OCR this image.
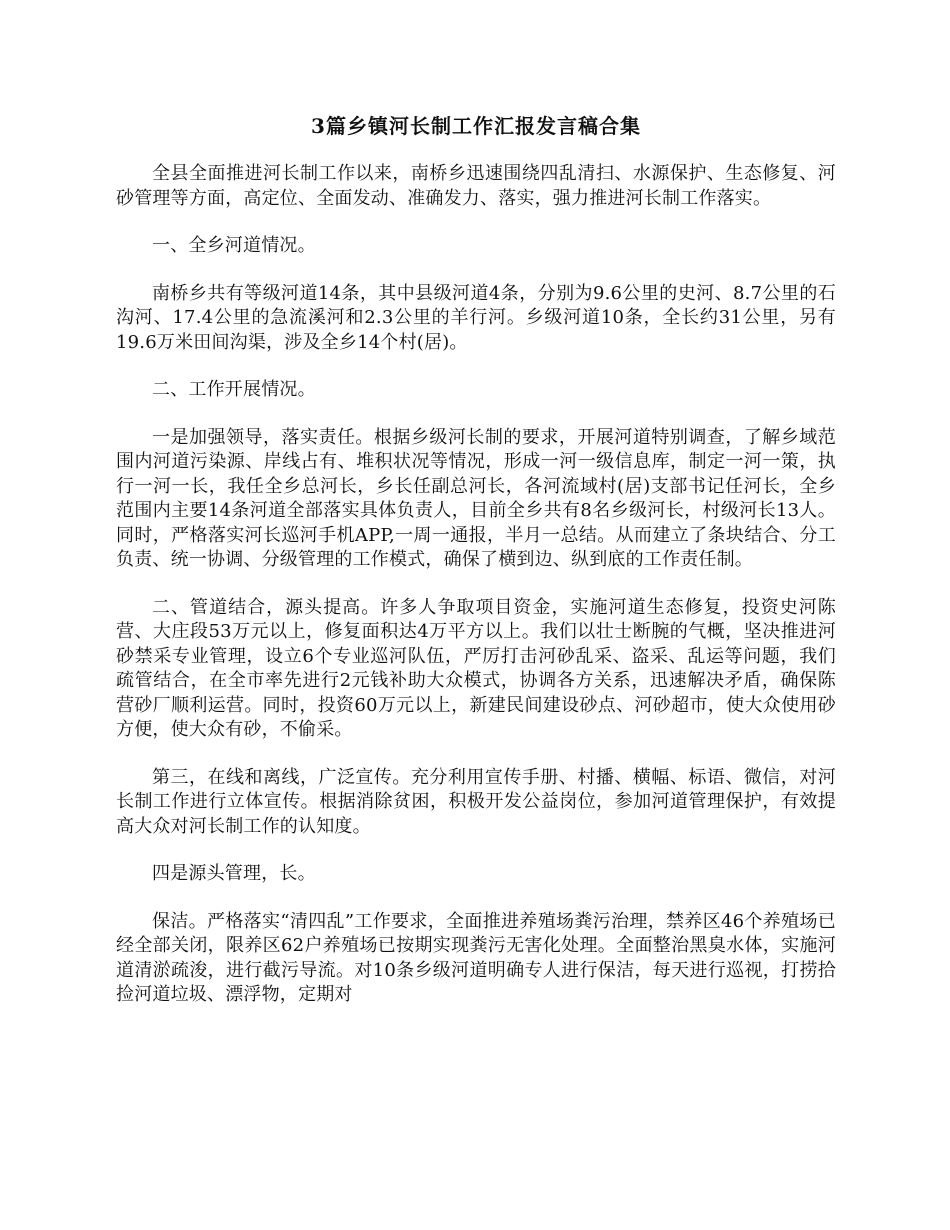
3篇乡镇河长制工作汇报发言稿合集

全县全面推进河长制工作以来，南桥乡迅速围绕四乱清扫、水源保护、生态修复、河砂管理等方面，高定位、全面发动、准确发力、落实，强力推进河长制工作落实。

一、全乡河道情况。

南桥乡共有等级河道14条，其中县级河道4条，分别为9.6公里的史河、8.7公里的石沟河、17.4公里的急流溪河和2.3公里的羊行河。乡级河道10条，全长约31公里，另有19.6万米田间沟渠，涉及全乡14个村(居)。

二、工作开展情况。

一是加强领导，落实责任。根据乡级河长制的要求，开展河道特别调查，了解乡域范围内河道污染源、岸线占有、堆积状况等情况，形成一河一级信息库，制定一河一策，执行一河一长，我任全乡总河长，乡长任副总河长，各河流域村(居)支部书记任河长，全乡范围内主要14条河道全部落实具体负责人，目前全乡共有8名乡级河长，村级河长13人。同时，严格落实河长巡河手机APP,一周一通报，半月一总结。从而建立了条块结合、分工负责、统一协调、分级管理的工作模式，确保了横到边、纵到底的工作责任制。

二、管道结合，源头提高。许多人争取项目资金，实施河道生态修复，投资史河陈营、大庄段53万元以上，修复面积达4万平方以上。我们以壮士断腕的气概，坚决推进河砂禁采专业管理，设立6个专业巡河队伍，严厉打击河砂乱采、盗采、乱运等问题，我们疏管结合，在全市率先进行2元钱补助大众模式，协调各方关系，迅速解决矛盾，确保陈营砂厂顺利运营。同时，投资60万元以上，新建民间建设砂点、河砂超市，使大众使用砂方便，使大众有砂，不偷采。

第三，在线和离线，广泛宣传。充分利用宣传手册、村播、横幅、标语、微信，对河长制工作进行立体宣传。根据消除贫困，积极开发公益岗位，参加河道管理保护，有效提高大众对河长制工作的认知度。

四是源头管理，长。

保洁。严格落实“清四乱”工作要求，全面推进养殖场粪污治理，禁养区46个养殖场已经全部关闭，限养区62户养殖场已按期实现粪污无害化处理。全面整治黑臭水体，实施河道清淤疏浚，进行截污导流。对10条乡级河道明确专人进行保洁，每天进行巡视，打捞拾捡河道垃圾、漂浮物，定期对
